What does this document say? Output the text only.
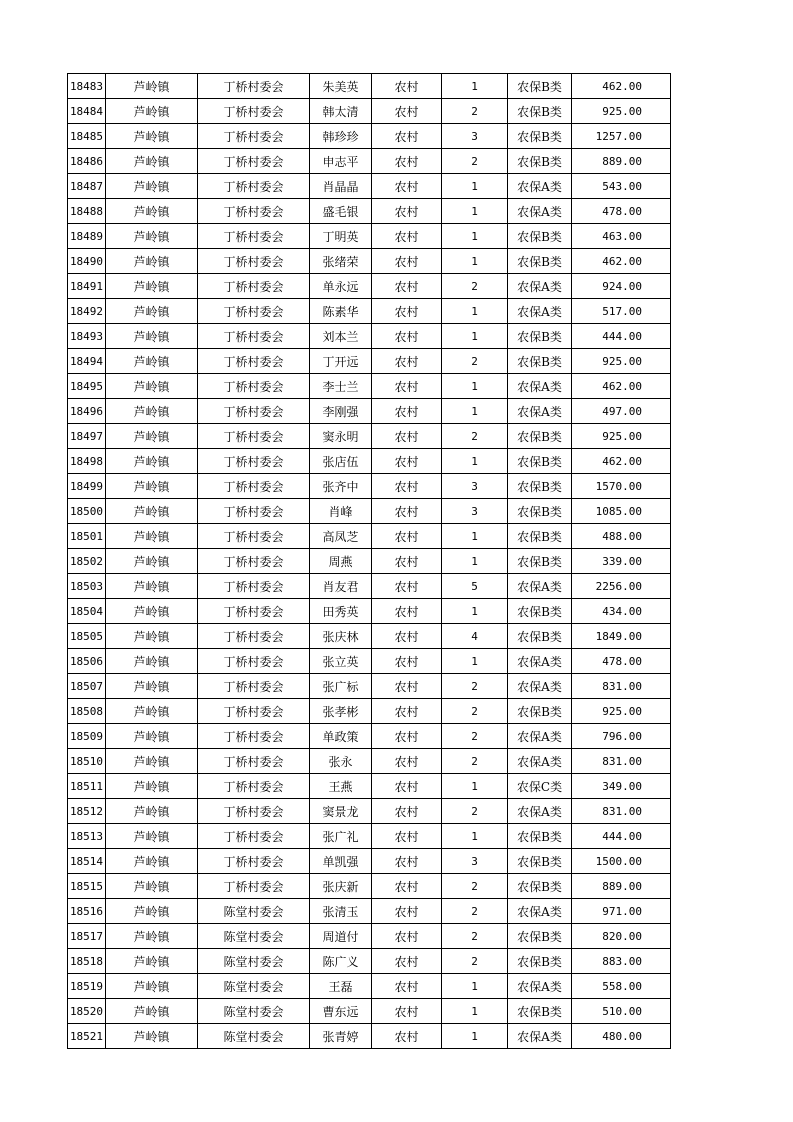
18483	芦岭镇	丁桥村委会	朱美英	农村	1	农保B类	462.00
18484	芦岭镇	丁桥村委会	韩太清	农村	2	农保B类	925.00
18485	芦岭镇	丁桥村委会	韩珍珍	农村	3	农保B类	1257.00
18486	芦岭镇	丁桥村委会	申志平	农村	2	农保B类	889.00
18487	芦岭镇	丁桥村委会	肖晶晶	农村	1	农保A类	543.00
18488	芦岭镇	丁桥村委会	盛毛银	农村	1	农保A类	478.00
18489	芦岭镇	丁桥村委会	丁明英	农村	1	农保B类	463.00
18490	芦岭镇	丁桥村委会	张绪荣	农村	1	农保B类	462.00
18491	芦岭镇	丁桥村委会	单永远	农村	2	农保A类	924.00
18492	芦岭镇	丁桥村委会	陈素华	农村	1	农保A类	517.00
18493	芦岭镇	丁桥村委会	刘本兰	农村	1	农保B类	444.00
18494	芦岭镇	丁桥村委会	丁开远	农村	2	农保B类	925.00
18495	芦岭镇	丁桥村委会	李士兰	农村	1	农保A类	462.00
18496	芦岭镇	丁桥村委会	李刚强	农村	1	农保A类	497.00
18497	芦岭镇	丁桥村委会	窦永明	农村	2	农保B类	925.00
18498	芦岭镇	丁桥村委会	张店伍	农村	1	农保B类	462.00
18499	芦岭镇	丁桥村委会	张齐中	农村	3	农保B类	1570.00
18500	芦岭镇	丁桥村委会	肖峰	农村	3	农保B类	1085.00
18501	芦岭镇	丁桥村委会	高凤芝	农村	1	农保B类	488.00
18502	芦岭镇	丁桥村委会	周燕	农村	1	农保B类	339.00
18503	芦岭镇	丁桥村委会	肖友君	农村	5	农保A类	2256.00
18504	芦岭镇	丁桥村委会	田秀英	农村	1	农保B类	434.00
18505	芦岭镇	丁桥村委会	张庆林	农村	4	农保B类	1849.00
18506	芦岭镇	丁桥村委会	张立英	农村	1	农保A类	478.00
18507	芦岭镇	丁桥村委会	张广标	农村	2	农保A类	831.00
18508	芦岭镇	丁桥村委会	张孝彬	农村	2	农保B类	925.00
18509	芦岭镇	丁桥村委会	单政策	农村	2	农保A类	796.00
18510	芦岭镇	丁桥村委会	张永	农村	2	农保A类	831.00
18511	芦岭镇	丁桥村委会	王燕	农村	1	农保C类	349.00
18512	芦岭镇	丁桥村委会	窦景龙	农村	2	农保A类	831.00
18513	芦岭镇	丁桥村委会	张广礼	农村	1	农保B类	444.00
18514	芦岭镇	丁桥村委会	单凯强	农村	3	农保B类	1500.00
18515	芦岭镇	丁桥村委会	张庆新	农村	2	农保B类	889.00
18516	芦岭镇	陈堂村委会	张清玉	农村	2	农保A类	971.00
18517	芦岭镇	陈堂村委会	周道付	农村	2	农保B类	820.00
18518	芦岭镇	陈堂村委会	陈广义	农村	2	农保B类	883.00
18519	芦岭镇	陈堂村委会	王磊	农村	1	农保A类	558.00
18520	芦岭镇	陈堂村委会	曹东远	农村	1	农保B类	510.00
18521	芦岭镇	陈堂村委会	张青婷	农村	1	农保A类	480.00
